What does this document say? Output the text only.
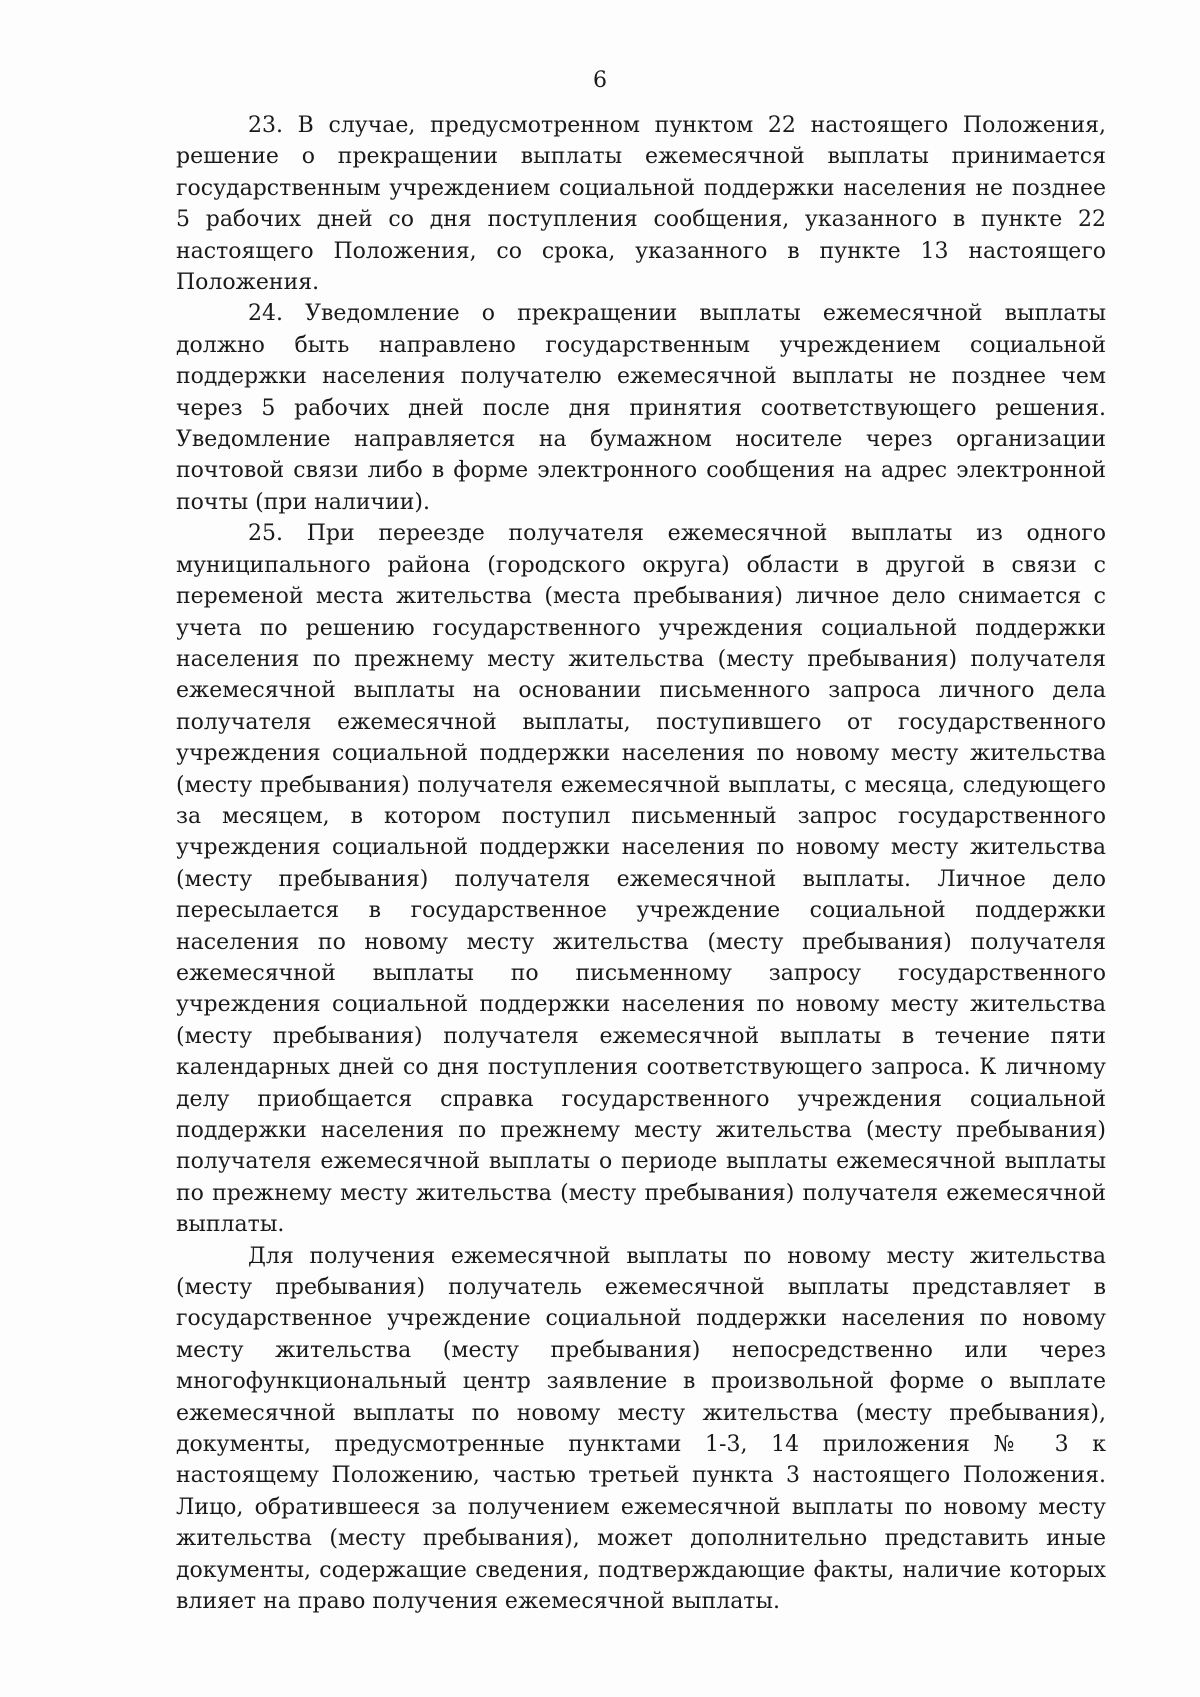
6

23. В случае, предусмотренном пунктом 22 настоящего Положения, решение о прекращении выплаты ежемесячной выплаты принимается государственным учреждением социальной поддержки населения не позднее 5 рабочих дней со дня поступления сообщения, указанного в пункте 22 настоящего Положения, со срока, указанного в пункте 13 настоящего Положения.

24. Уведомление о прекращении выплаты ежемесячной выплаты должно быть направлено государственным учреждением социальной поддержки населения получателю ежемесячной выплаты не позднее чем через 5 рабочих дней после дня принятия соответствующего решения. Уведомление направляется на бумажном носителе через организации почтовой связи либо в форме электронного сообщения на адрес электронной почты (при наличии).

25. При переезде получателя ежемесячной выплаты из одного муниципального района (городского округа) области в другой в связи с переменой места жительства (места пребывания) личное дело снимается с учета по решению государственного учреждения социальной поддержки населения по прежнему месту жительства (месту пребывания) получателя ежемесячной выплаты на основании письменного запроса личного дела получателя ежемесячной выплаты, поступившего от государственного учреждения социальной поддержки населения по новому месту жительства (месту пребывания) получателя ежемесячной выплаты, с месяца, следующего за месяцем, в котором поступил письменный запрос государственного учреждения социальной поддержки населения по новому месту жительства (месту пребывания) получателя ежемесячной выплаты. Личное дело пересылается в государственное учреждение социальной поддержки населения по новому месту жительства (месту пребывания) получателя ежемесячной выплаты по письменному запросу государственного учреждения социальной поддержки населения по новому месту жительства (месту пребывания) получателя ежемесячной выплаты в течение пяти календарных дней со дня поступления соответствующего запроса. К личному делу приобщается справка государственного учреждения социальной поддержки населения по прежнему месту жительства (месту пребывания) получателя ежемесячной выплаты о периоде выплаты ежемесячной выплаты по прежнему месту жительства (месту пребывания) получателя ежемесячной выплаты.

Для получения ежемесячной выплаты по новому месту жительства (месту пребывания) получатель ежемесячной выплаты представляет в государственное учреждение социальной поддержки населения по новому месту жительства (месту пребывания) непосредственно или через многофункциональный центр заявление в произвольной форме о выплате ежемесячной выплаты по новому месту жительства (месту пребывания), документы, предусмотренные пунктами 1-3, 14 приложения № 3 к настоящему Положению, частью третьей пункта 3 настоящего Положения. Лицо, обратившееся за получением ежемесячной выплаты по новому месту жительства (месту пребывания), может дополнительно представить иные документы, содержащие сведения, подтверждающие факты, наличие которых влияет на право получения ежемесячной выплаты.
